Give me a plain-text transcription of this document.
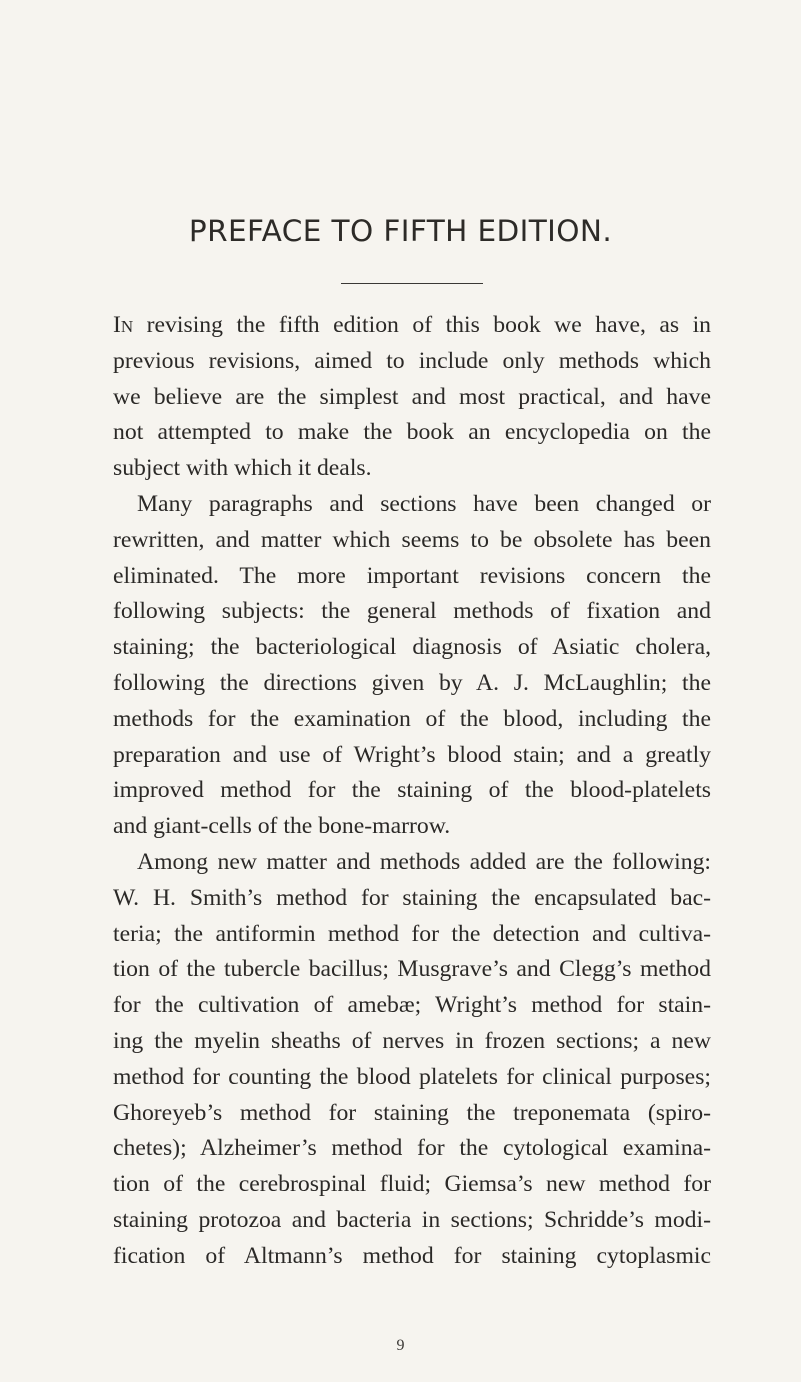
PREFACE TO FIFTH EDITION.
In revising the fifth edition of this book we have, as in
previous revisions, aimed to include only methods which
we believe are the simplest and most practical, and have
not attempted to make the book an encyclopedia on the
subject with which it deals.
Many paragraphs and sections have been changed or
rewritten, and matter which seems to be obsolete has been
eliminated. The more important revisions concern the
following subjects: the general methods of fixation and
staining; the bacteriological diagnosis of Asiatic cholera,
following the directions given by A. J. McLaughlin; the
methods for the examination of the blood, including the
preparation and use of Wright’s blood stain; and a greatly
improved method for the staining of the blood-platelets
and giant-cells of the bone-marrow.
Among new matter and methods added are the following:
W. H. Smith’s method for staining the encapsulated bac-
teria; the antiformin method for the detection and cultiva-
tion of the tubercle bacillus; Musgrave’s and Clegg’s method
for the cultivation of amebæ; Wright’s method for stain-
ing the myelin sheaths of nerves in frozen sections; a new
method for counting the blood platelets for clinical purposes;
Ghoreyeb’s method for staining the treponemata (spiro-
chetes); Alzheimer’s method for the cytological examina-
tion of the cerebrospinal fluid; Giemsa’s new method for
staining protozoa and bacteria in sections; Schridde’s modi-
fication of Altmann’s method for staining cytoplasmic
9
